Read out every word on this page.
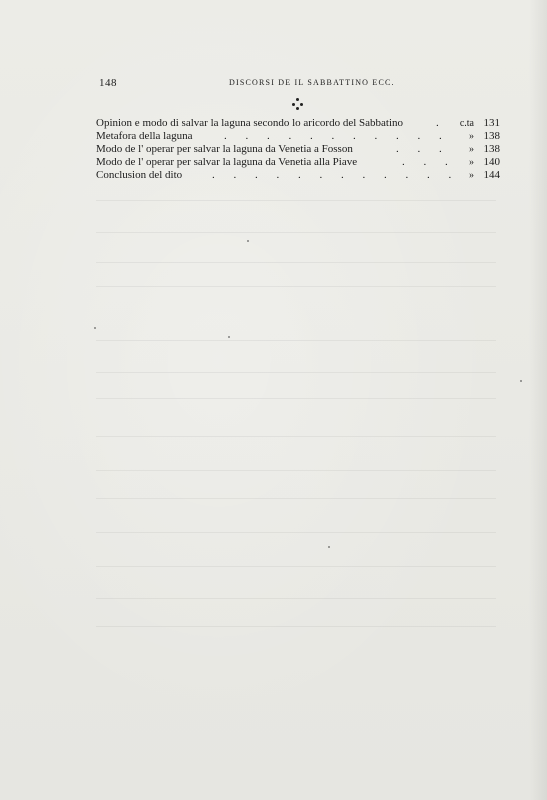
148	DISCORSI DE IL SABBATTINO ECC.
Opinion e modo di salvar la laguna secondo lo aricordo del Sabbatino	. c.ta 131
Metafora della laguna	. . . . . . . . . . . » 138
Modo de l' operar per salvar la laguna da Venetia a Fosson	. . . » 138
Modo de l' operar per salvar la laguna da Venetia alla Piave	. . . » 140
Conclusion del dito	. . . . . . . . . . . . » 144
